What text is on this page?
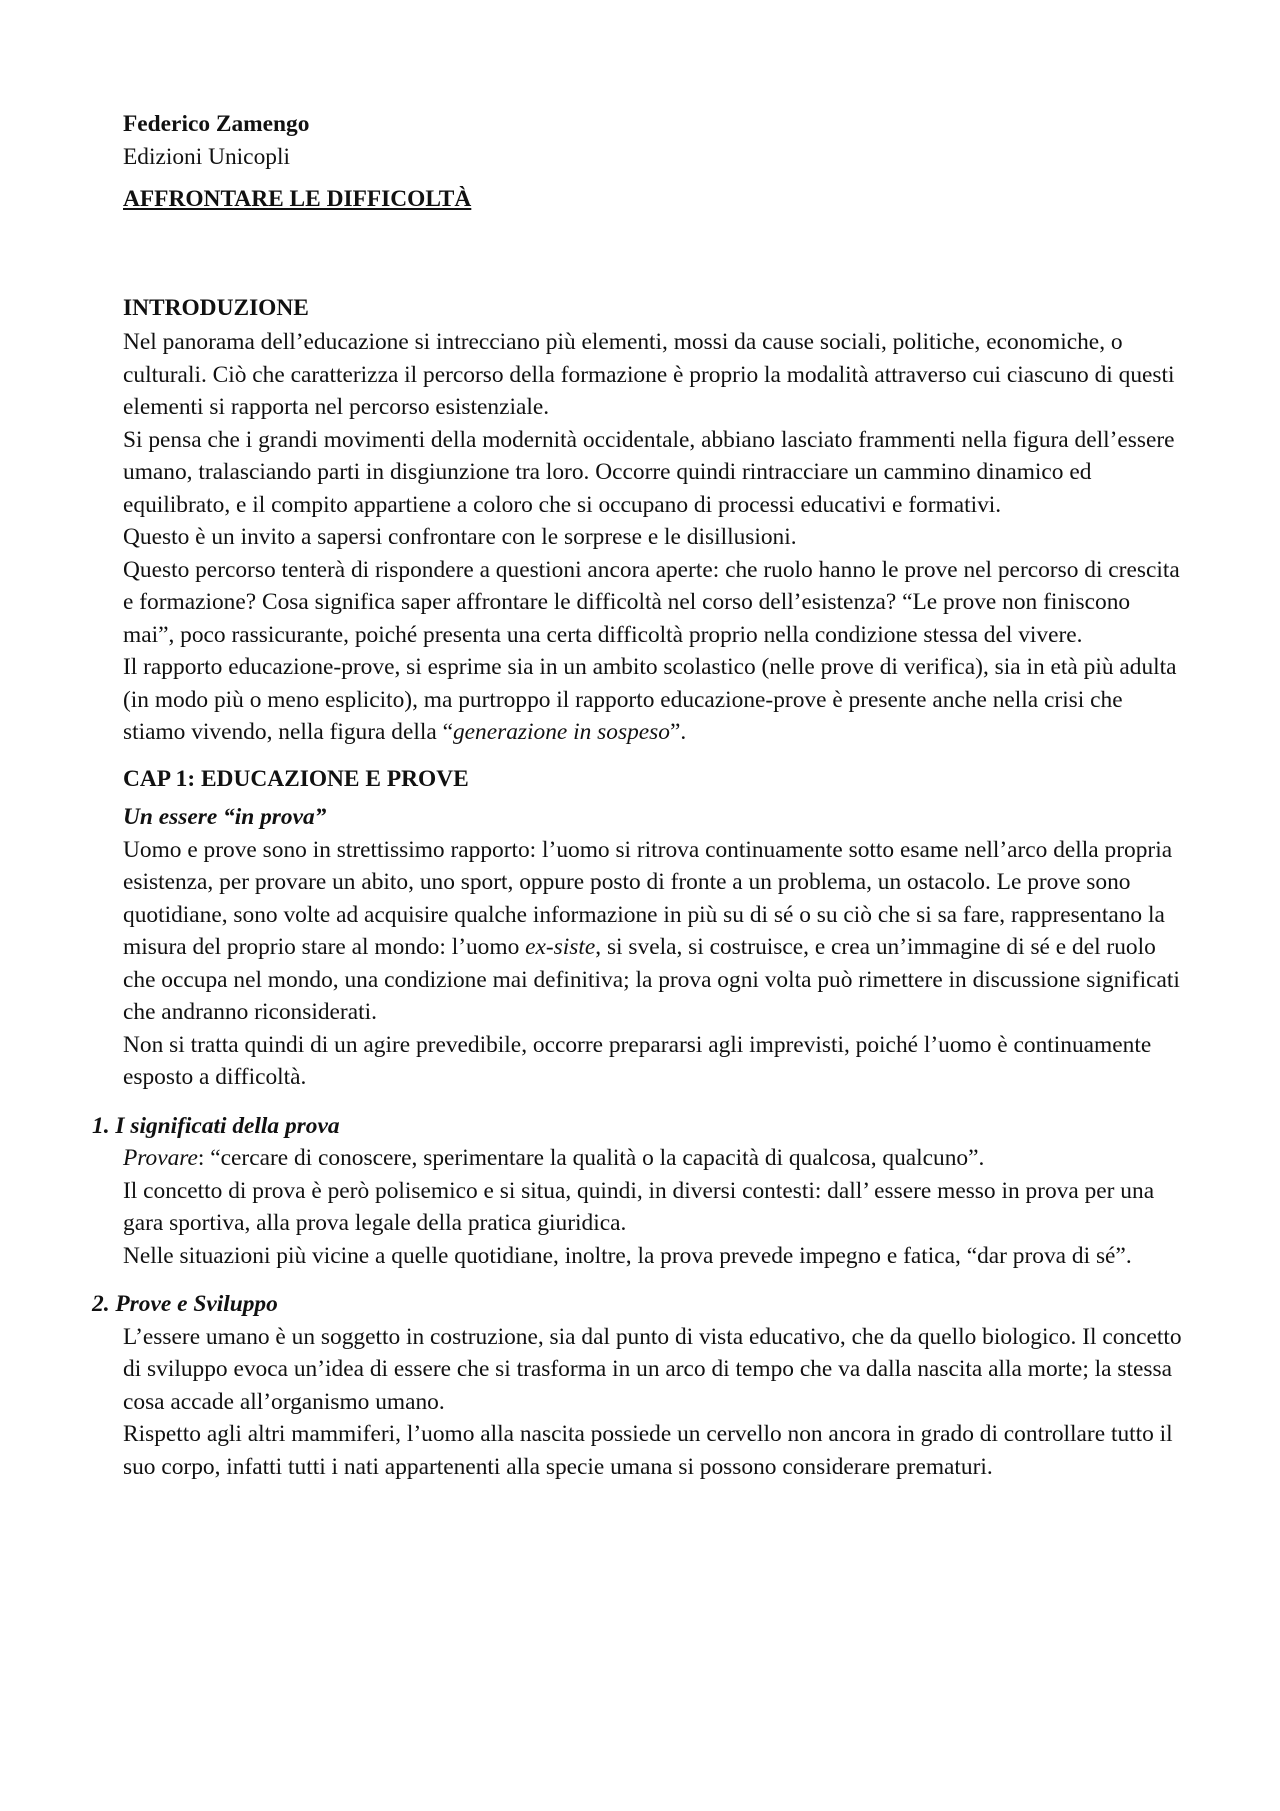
Federico Zamengo

Edizioni Unicopli

AFFRONTARE LE DIFFICOLTÀ

INTRODUZIONE

Nel panorama dell’educazione si intrecciano più elementi, mossi da cause sociali, politiche, economiche, o culturali. Ciò che caratterizza il percorso della formazione è proprio la modalità attraverso cui ciascuno di questi elementi si rapporta nel percorso esistenziale.

Si pensa che i grandi movimenti della modernità occidentale, abbiano lasciato frammenti nella figura dell’essere umano, tralasciando parti in disgiunzione tra loro. Occorre quindi rintracciare un cammino dinamico ed equilibrato, e il compito appartiene a coloro che si occupano di processi educativi e formativi.

Questo è un invito a sapersi confrontare con le sorprese e le disillusioni.

Questo percorso tenterà di rispondere a questioni ancora aperte: che ruolo hanno le prove nel percorso di crescita e formazione? Cosa significa saper affrontare le difficoltà nel corso dell’esistenza? “Le prove non finiscono mai”, poco rassicurante, poiché presenta una certa difficoltà proprio nella condizione stessa del vivere.

Il rapporto educazione-prove, si esprime sia in un ambito scolastico (nelle prove di verifica), sia in età più adulta (in modo più o meno esplicito), ma purtroppo il rapporto educazione-prove è presente anche nella crisi che stiamo vivendo, nella figura della “generazione in sospeso”.

CAP 1: EDUCAZIONE E PROVE

Un essere “in prova”

Uomo e prove sono in strettissimo rapporto: l’uomo si ritrova continuamente sotto esame nell’arco della propria esistenza, per provare un abito, uno sport, oppure posto di fronte a un problema, un ostacolo. Le prove sono quotidiane, sono volte ad acquisire qualche informazione in più su di sé o su ciò che si sa fare, rappresentano la misura del proprio stare al mondo: l’uomo ex-siste, si svela, si costruisce, e crea un’immagine di sé e del ruolo che occupa nel mondo, una condizione mai definitiva; la prova ogni volta può rimettere in discussione significati che andranno riconsiderati.

Non si tratta quindi di un agire prevedibile, occorre prepararsi agli imprevisti, poiché l’uomo è continuamente esposto a difficoltà.

1. I significati della prova

Provare: “cercare di conoscere, sperimentare la qualità o la capacità di qualcosa, qualcuno”.

Il concetto di prova è però polisemico e si situa, quindi, in diversi contesti: dall’ essere messo in prova per una gara sportiva, alla prova legale della pratica giuridica.

Nelle situazioni più vicine a quelle quotidiane, inoltre, la prova prevede impegno e fatica, “dar prova di sé”.

2. Prove e Sviluppo

L’essere umano è un soggetto in costruzione, sia dal punto di vista educativo, che da quello biologico. Il concetto di sviluppo evoca un’idea di essere che si trasforma in un arco di tempo che va dalla nascita alla morte; la stessa cosa accade all’organismo umano.

Rispetto agli altri mammiferi, l’uomo alla nascita possiede un cervello non ancora in grado di controllare tutto il suo corpo, infatti tutti i nati appartenenti alla specie umana si possono considerare prematuri.
